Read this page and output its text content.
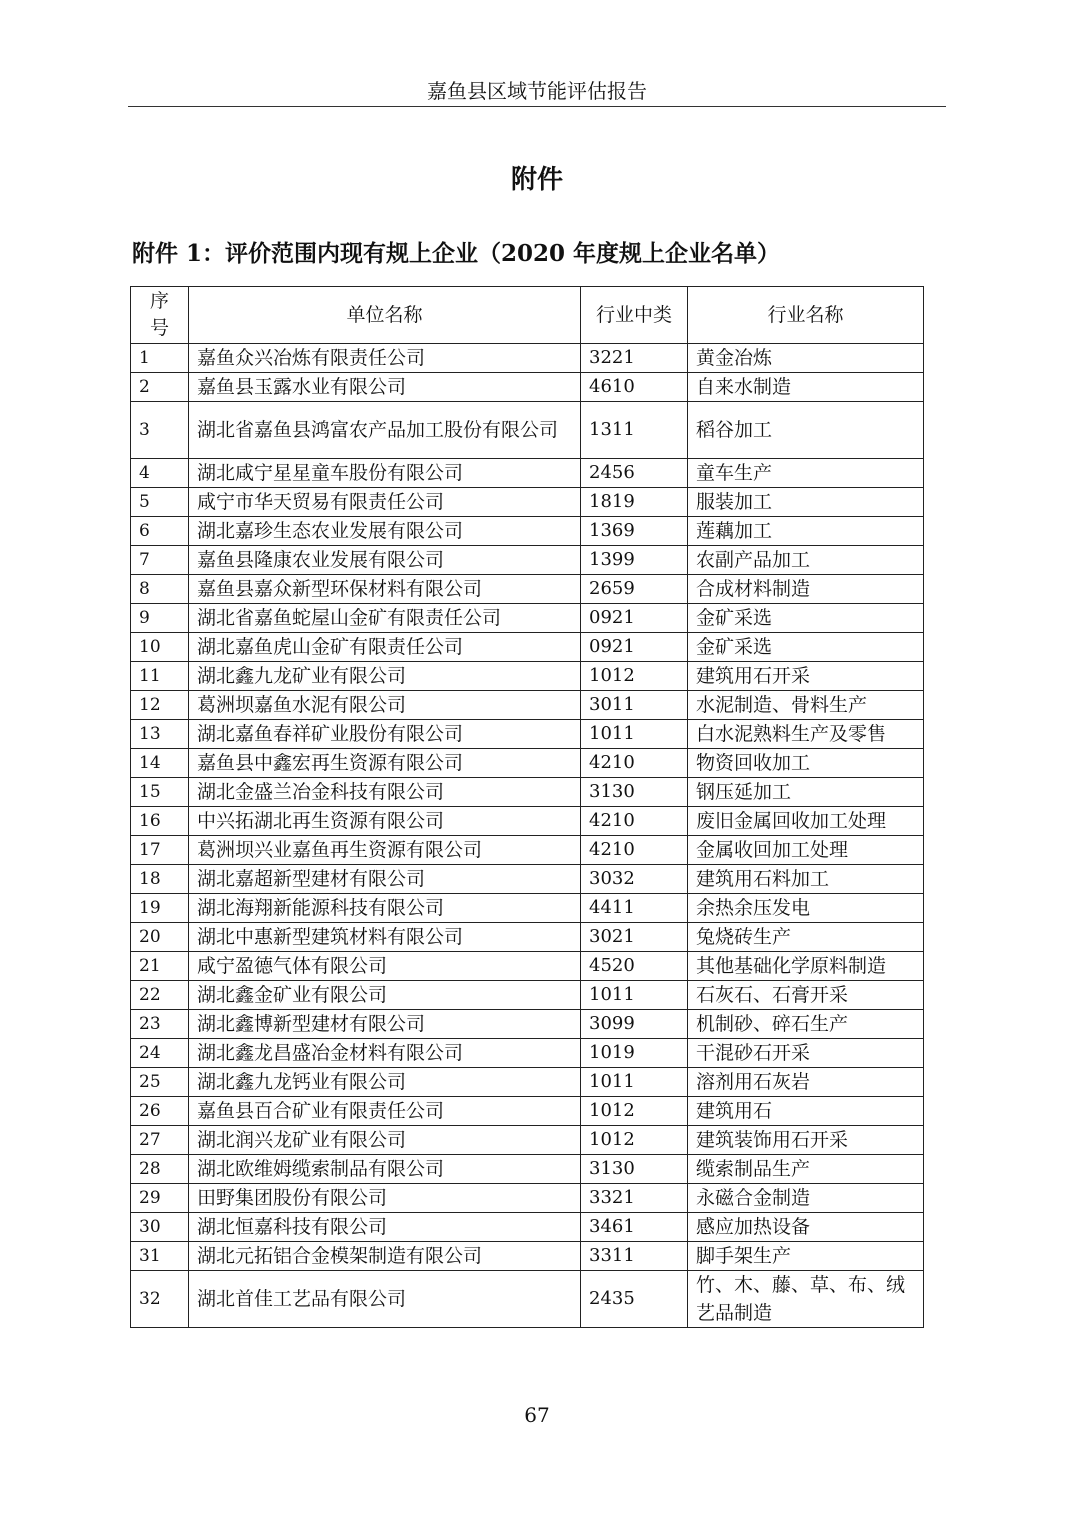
嘉鱼县区域节能评估报告
附件
附件 1：评价范围内现有规上企业（2020 年度规上企业名单）
序号	单位名称	行业中类	行业名称
1	嘉鱼众兴冶炼有限责任公司	3221	黄金冶炼
2	嘉鱼县玉露水业有限公司	4610	自来水制造
3	湖北省嘉鱼县鸿富农产品加工股份有限公司	1311	稻谷加工
4	湖北咸宁星星童车股份有限公司	2456	童车生产
5	咸宁市华天贸易有限责任公司	1819	服装加工
6	湖北嘉珍生态农业发展有限公司	1369	莲藕加工
7	嘉鱼县隆康农业发展有限公司	1399	农副产品加工
8	嘉鱼县嘉众新型环保材料有限公司	2659	合成材料制造
9	湖北省嘉鱼蛇屋山金矿有限责任公司	0921	金矿采选
10	湖北嘉鱼虎山金矿有限责任公司	0921	金矿采选
11	湖北鑫九龙矿业有限公司	1012	建筑用石开采
12	葛洲坝嘉鱼水泥有限公司	3011	水泥制造、骨料生产
13	湖北嘉鱼春祥矿业股份有限公司	1011	白水泥熟料生产及零售
14	嘉鱼县中鑫宏再生资源有限公司	4210	物资回收加工
15	湖北金盛兰冶金科技有限公司	3130	钢压延加工
16	中兴拓湖北再生资源有限公司	4210	废旧金属回收加工处理
17	葛洲坝兴业嘉鱼再生资源有限公司	4210	金属收回加工处理
18	湖北嘉超新型建材有限公司	3032	建筑用石料加工
19	湖北海翔新能源科技有限公司	4411	余热余压发电
20	湖北中惠新型建筑材料有限公司	3021	兔烧砖生产
21	咸宁盈德气体有限公司	4520	其他基础化学原料制造
22	湖北鑫金矿业有限公司	1011	石灰石、石膏开采
23	湖北鑫博新型建材有限公司	3099	机制砂、碎石生产
24	湖北鑫龙昌盛冶金材料有限公司	1019	干混砂石开采
25	湖北鑫九龙钙业有限公司	1011	溶剂用石灰岩
26	嘉鱼县百合矿业有限责任公司	1012	建筑用石
27	湖北润兴龙矿业有限公司	1012	建筑装饰用石开采
28	湖北欧维姆缆索制品有限公司	3130	缆索制品生产
29	田野集团股份有限公司	3321	永磁合金制造
30	湖北恒嘉科技有限公司	3461	感应加热设备
31	湖北元拓铝合金模架制造有限公司	3311	脚手架生产
32	湖北首佳工艺品有限公司	2435	竹、木、藤、草、布、绒艺品制造
67
